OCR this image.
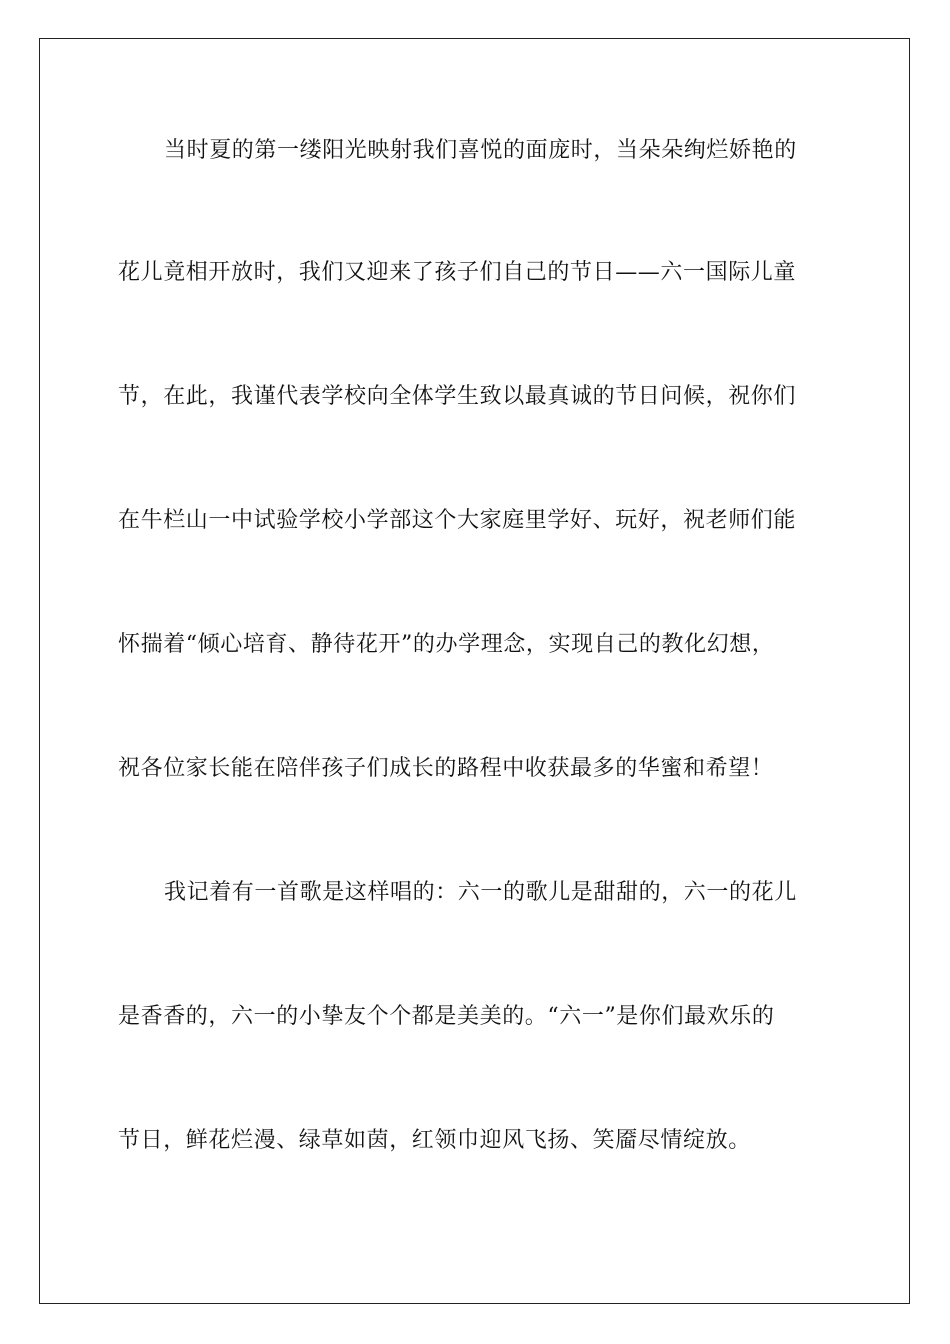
当时夏的第一缕阳光映射我们喜悦的面庞时，当朵朵绚烂娇艳的
花儿竟相开放时，我们又迎来了孩子们自己的节日——六一国际儿童
节，在此，我谨代表学校向全体学生致以最真诚的节日问候，祝你们
在牛栏山一中试验学校小学部这个大家庭里学好、玩好，祝老师们能
怀揣着“倾心培育、静待花开”的办学理念，实现自己的教化幻想，
祝各位家长能在陪伴孩子们成长的路程中收获最多的华蜜和希望！
我记着有一首歌是这样唱的：六一的歌儿是甜甜的，六一的花儿
是香香的，六一的小挚友个个都是美美的。“六一”是你们最欢乐的
节日，鲜花烂漫、绿草如茵，红领巾迎风飞扬、笑靥尽情绽放。
